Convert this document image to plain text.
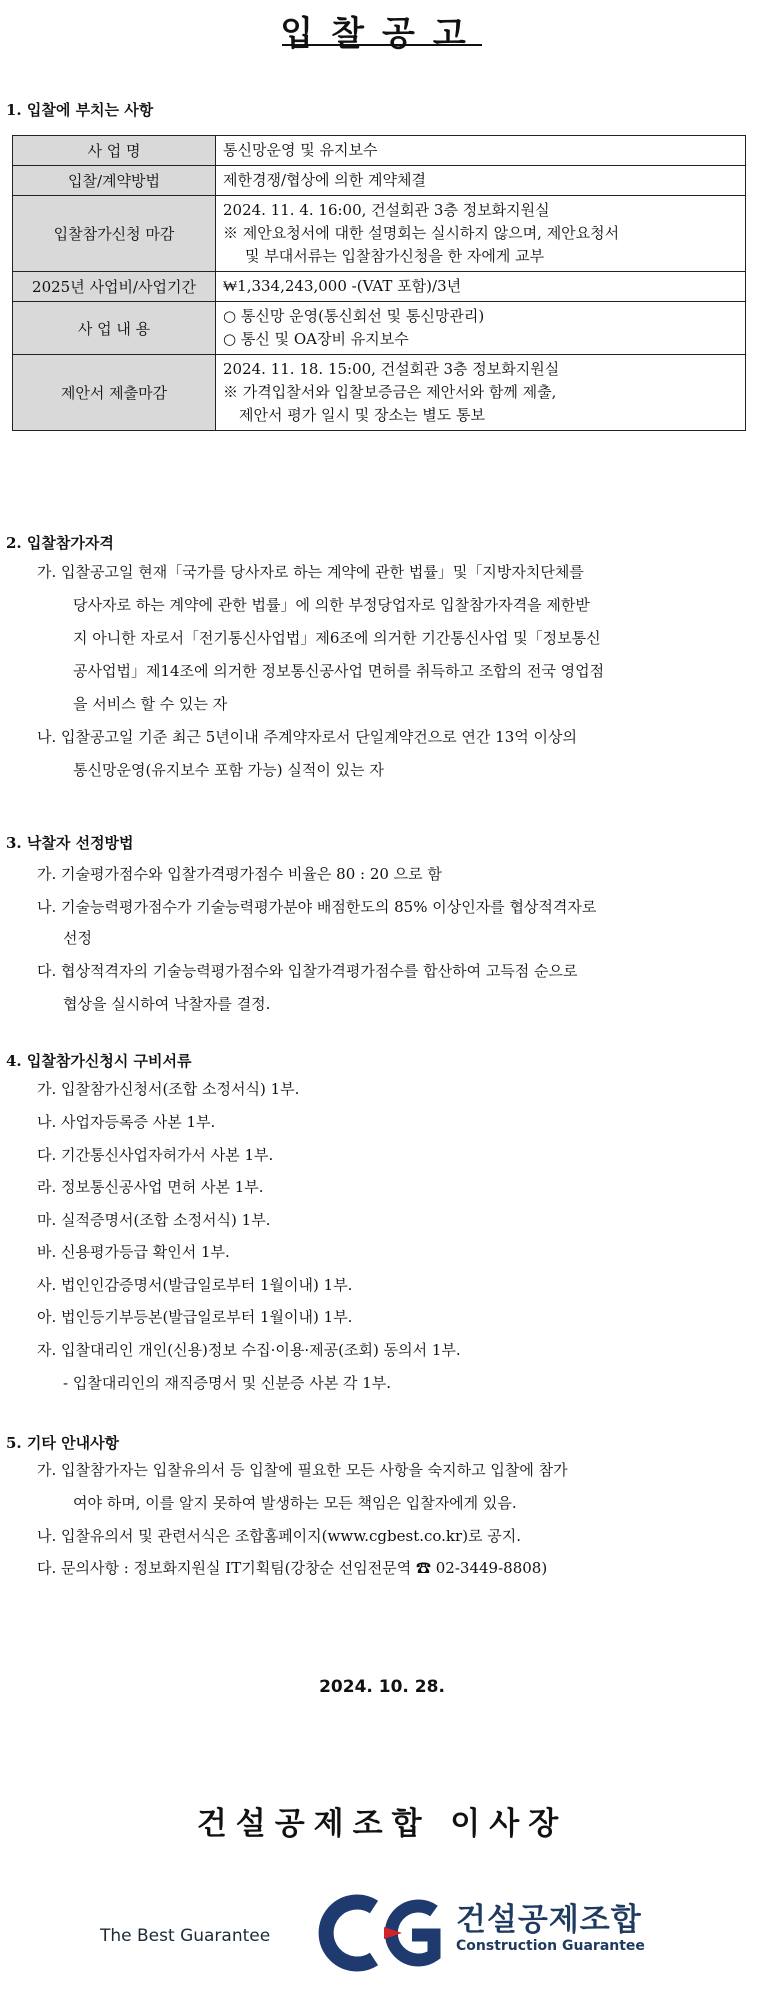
입찰공고
1. 입찰에 부치는 사항
사 업 명	통신망운영 및 유지보수
입찰/계약방법	제한경쟁/협상에 의한 계약체결
입찰참가신청 마감	2024. 11. 4. 16:00, 건설회관 3층 정보화지원실
※ 제안요청서에 대한 설명회는 실시하지 않으며, 제안요청서
및 부대서류는 입찰참가신청을 한 자에게 교부

2025년 사업비/사업기간	₩1,334,243,000 -(VAT 포함)/3년
사 업 내 용	○ 통신망 운영(통신회선 및 통신망관리)
○ 통신 및 OA장비 유지보수

제안서 제출마감	2024. 11. 18. 15:00, 건설회관 3층 정보화지원실
※ 가격입찰서와 입찰보증금은 제안서와 함께 제출,
제안서 평가 일시 및 장소는 별도 통보
2. 입찰참가자격
가. 입찰공고일 현재「국가를 당사자로 하는 계약에 관한 법률」및「지방자치단체를
당사자로 하는 계약에 관한 법률」에 의한 부정당업자로 입찰참가자격을 제한받
지 아니한 자로서「전기통신사업법」제6조에 의거한 기간통신사업 및「정보통신
공사업법」제14조에 의거한 정보통신공사업 면허를 취득하고 조합의 전국 영업점
을 서비스 할 수 있는 자
나. 입찰공고일 기준 최근 5년이내 주계약자로서 단일계약건으로 연간 13억 이상의
통신망운영(유지보수 포함 가능) 실적이 있는 자
3. 낙찰자 선정방법
가. 기술평가점수와 입찰가격평가점수 비율은 80 : 20 으로 함
나. 기술능력평가점수가 기술능력평가분야 배점한도의 85% 이상인자를 협상적격자로
선정
다. 협상적격자의 기술능력평가점수와 입찰가격평가점수를 합산하여 고득점 순으로
협상을 실시하여 낙찰자를 결정.
4. 입찰참가신청시 구비서류
가. 입찰참가신청서(조합 소정서식) 1부.
나. 사업자등록증 사본 1부.
다. 기간통신사업자허가서 사본 1부.
라. 정보통신공사업 면허 사본 1부.
마. 실적증명서(조합 소정서식) 1부.
바. 신용평가등급 확인서 1부.
사. 법인인감증명서(발급일로부터 1월이내) 1부.
아. 법인등기부등본(발급일로부터 1월이내) 1부.
자. 입찰대리인 개인(신용)정보 수집·이용·제공(조회) 동의서 1부.
- 입찰대리인의 재직증명서 및 신분증 사본 각 1부.
5. 기타 안내사항
가. 입찰참가자는 입찰유의서 등 입찰에 필요한 모든 사항을 숙지하고 입찰에 참가
여야 하며, 이를 알지 못하여 발생하는 모든 책임은 입찰자에게 있음.
나. 입찰유의서 및 관련서식은 조합홈페이지(www.cgbest.co.kr)로 공지.
다. 문의사항 : 정보화지원실 IT기획팀(강창순 선임전문역 ☎ 02-3449-8808)
2024. 10. 28.
건설공제조합 이사장
The Best Guarantee	건설공제조합
Construction Guarantee
